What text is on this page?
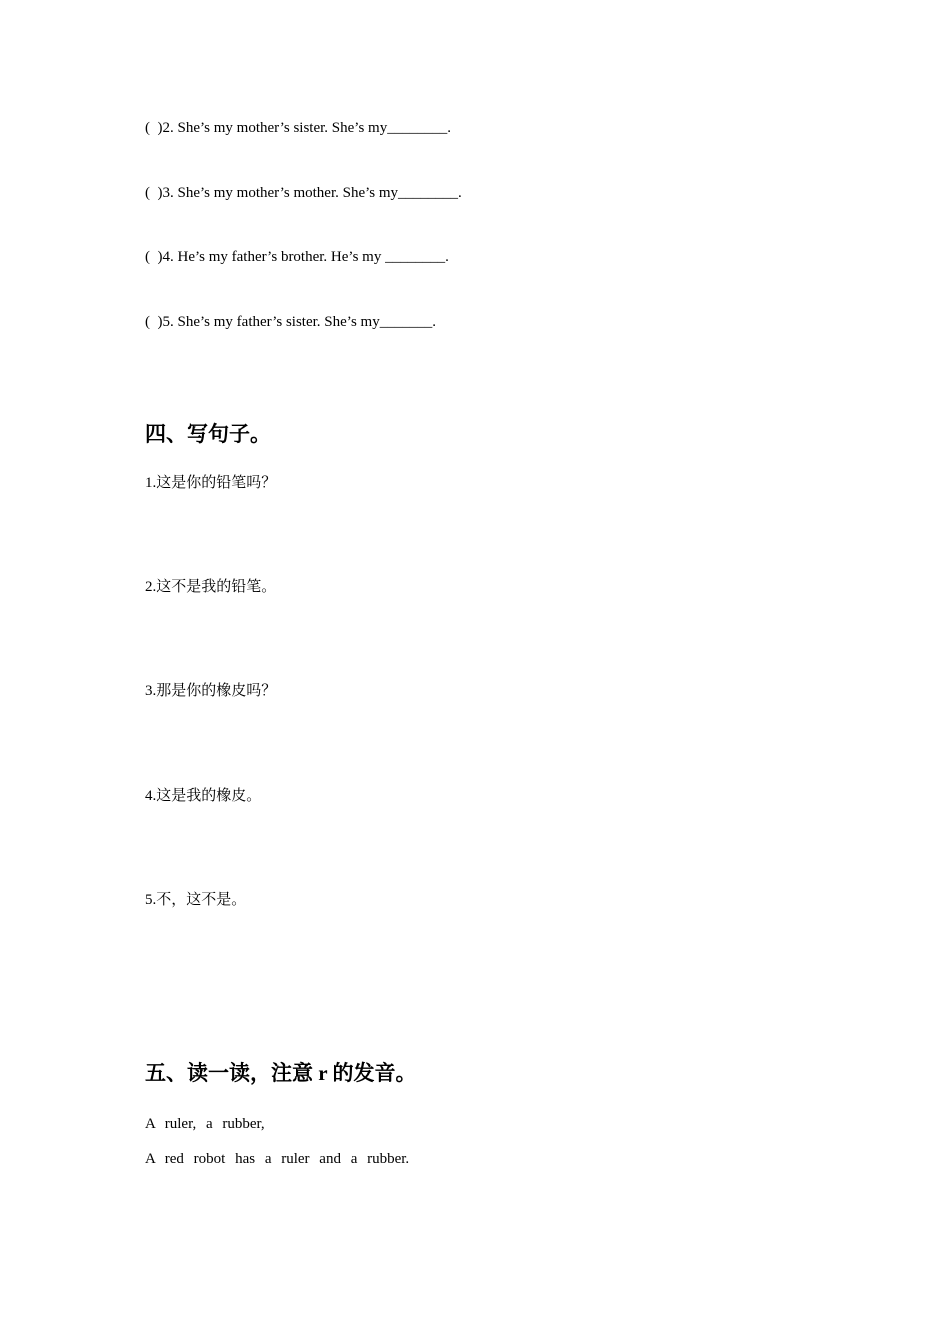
(  )2. She’s my mother’s sister. She’s my________.
(  )3. She’s my mother’s mother. She’s my________.
(  )4. He’s my father’s brother. He’s my ________.
(  )5. She’s my father’s sister. She’s my_______.
四、写句子。
1.这是你的铅笔吗？
2.这不是我的铅笔。
3.那是你的橡皮吗？
4.这是我的橡皮。
5.不，这不是。
五、读一读，注意 r 的发音。
A ruler, a rubber,
A red robot has a ruler and a rubber.
